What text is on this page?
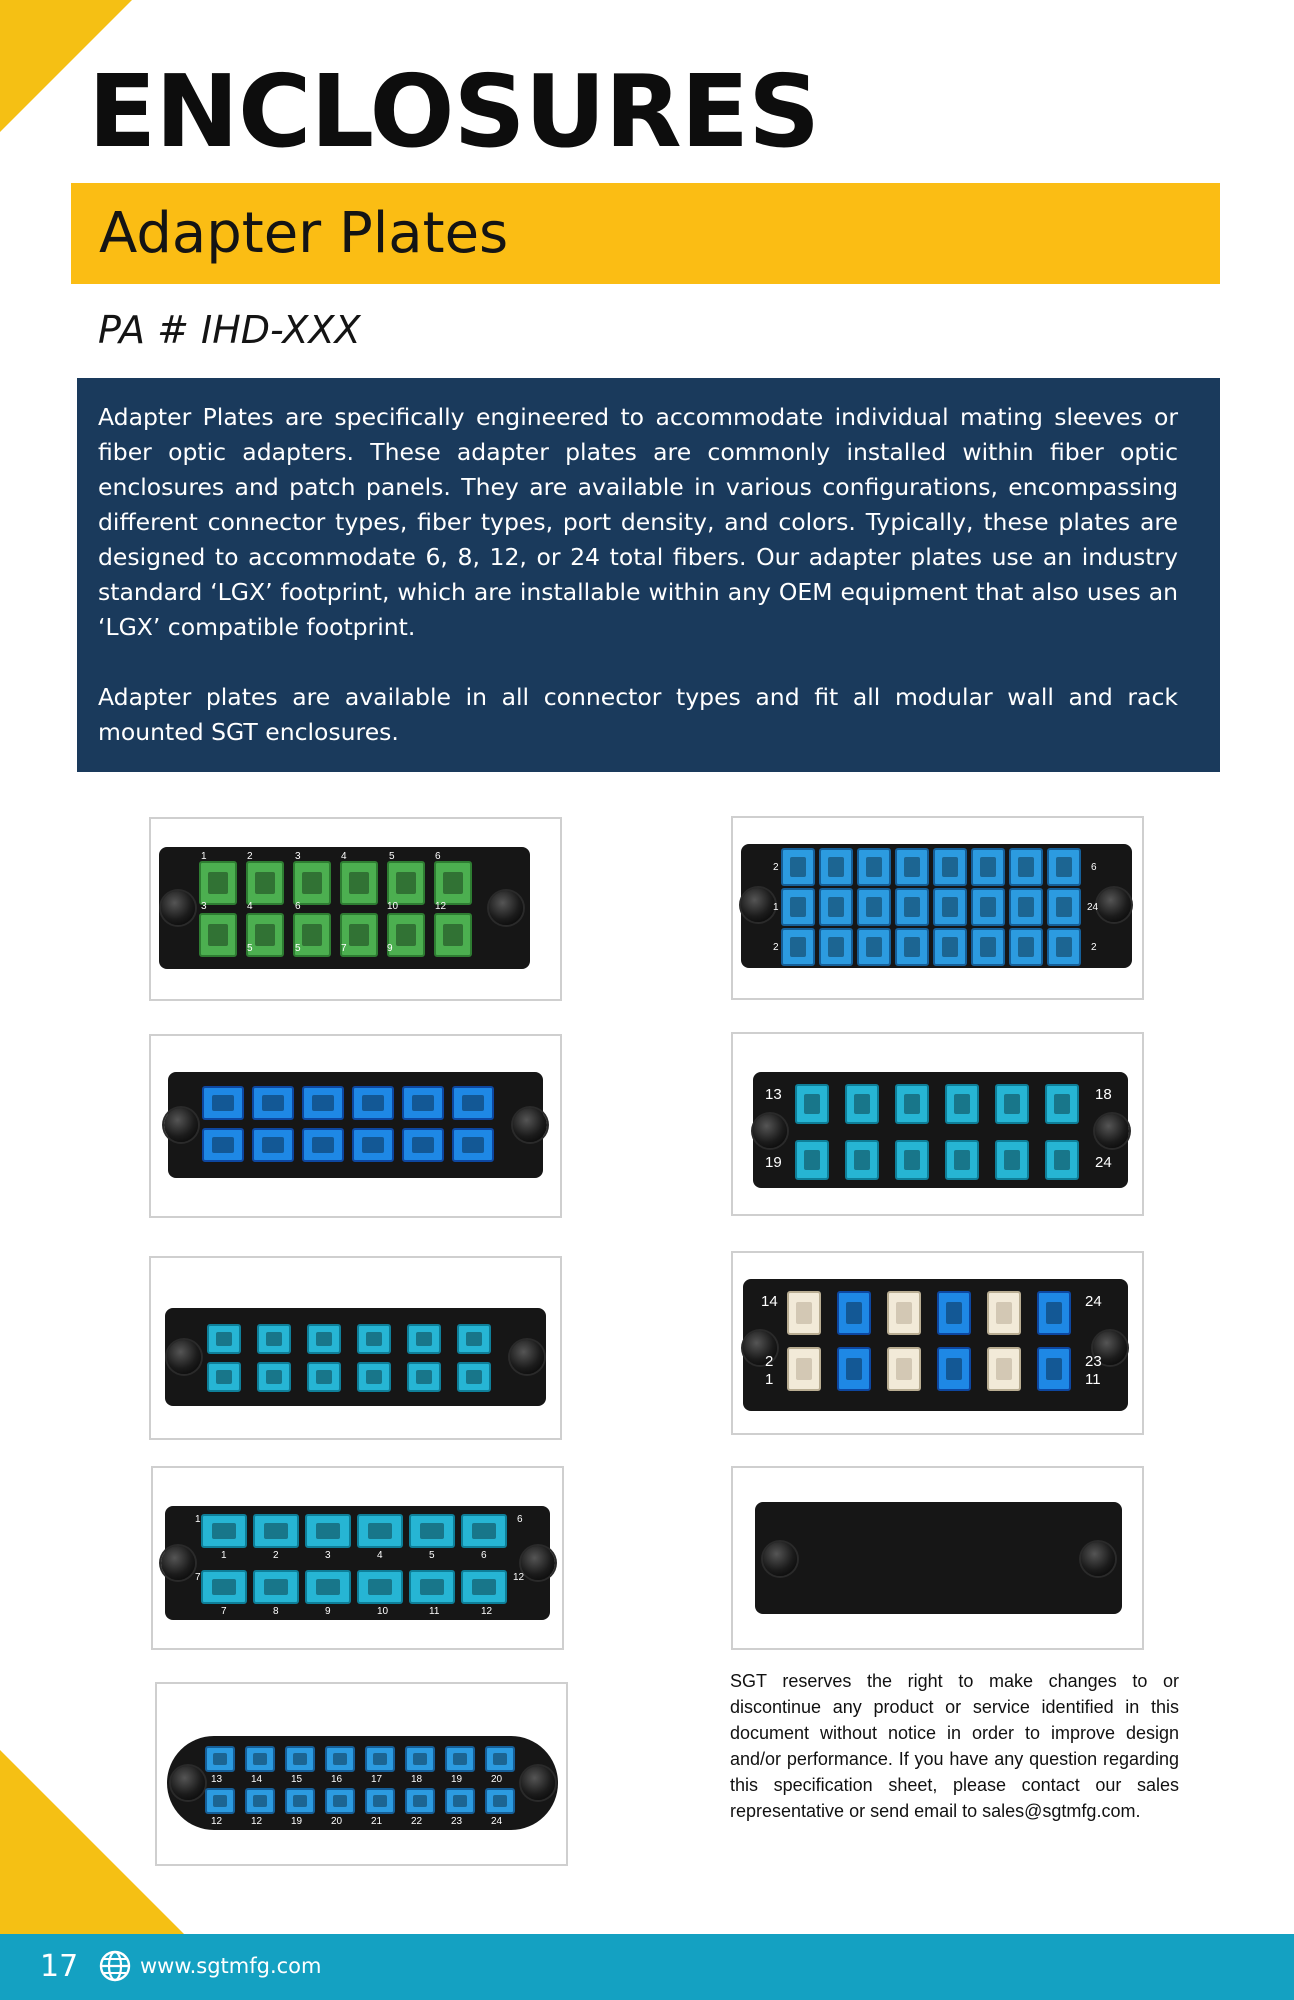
ENCLOSURES
Adapter Plates
PA # IHD-XXX

Adapter Plates are specifically engineered to accommodate individual mating sleeves or fiber optic adapters. These adapter plates are commonly installed within fiber optic enclosures and patch panels. They are available in various configurations, encompassing different connector types, fiber types, port density, and colors. Typically, these plates are designed to accommodate 6, 8, 12, or 24 total fibers. Our adapter plates use an industry standard ‘LGX’ footprint, which are installable within any OEM equipment that also uses an ‘LGX’ compatible footprint.

Adapter plates are available in all connector types and fit all modular wall and rack mounted SGT enclosures.

1	2	3	4	5	6
3	4	6	10	12
5	5	7	9
1	6
7	12
1	2	3	4	5	6
7	8	9	10	11	12
13	14	15	16	17	18	19	20
12	12	19	20	21	22	23	24
2
1
2
6
24
2
13
19
18
24
14
2
1
24
23
11

SGT reserves the right to make changes to or discontinue any product or service identified in this document without notice in order to improve design and/or performance. If you have any question regarding this specification sheet, please contact our sales representative or send email to sales@sgtmfg.com.

17	www.sgtmfg.com
